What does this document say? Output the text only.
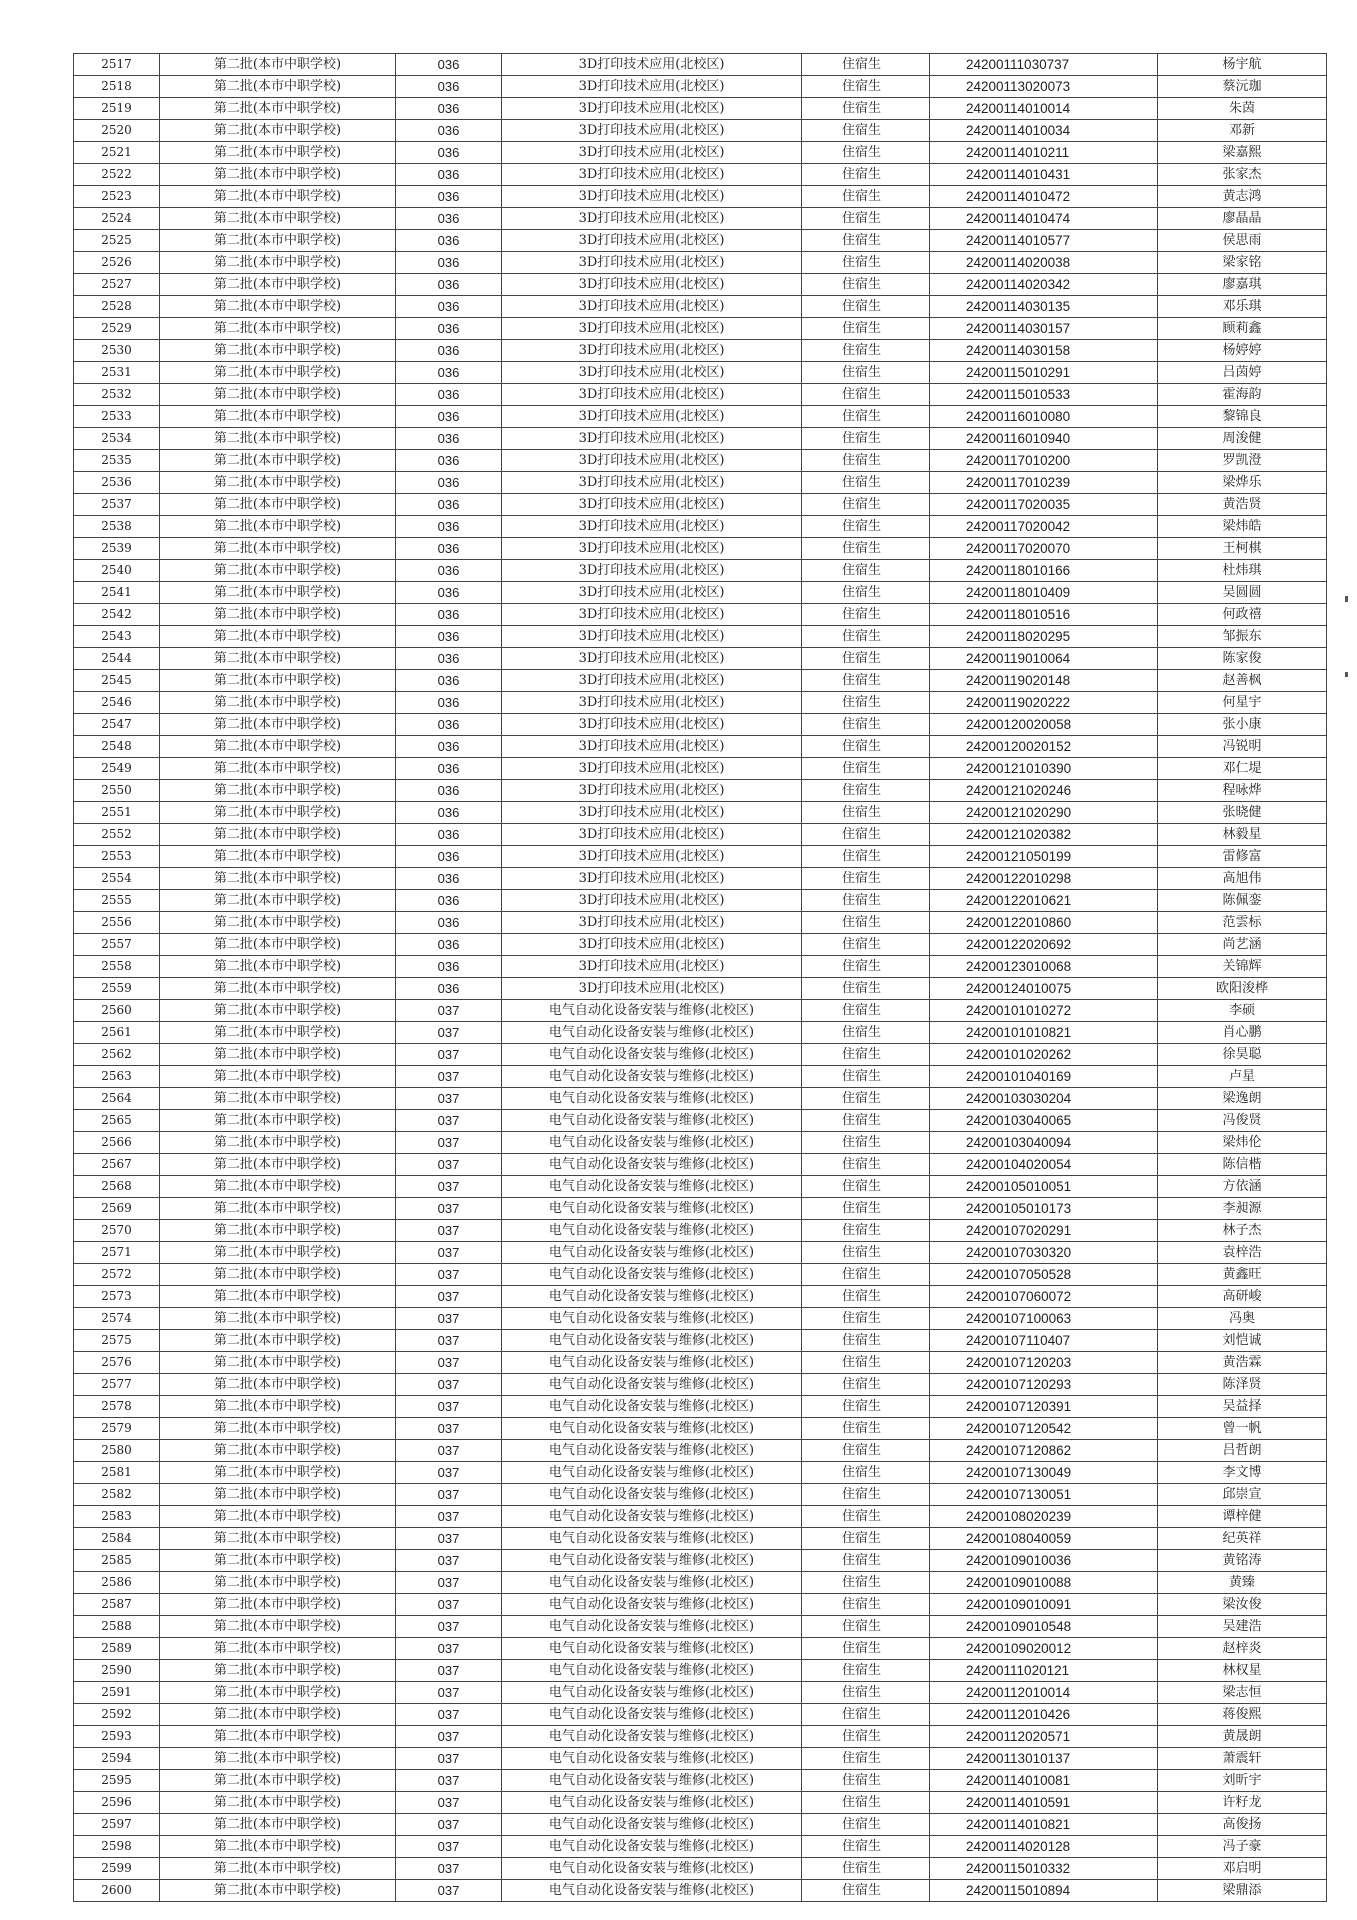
2517	第二批(本市中职学校)	036	3D打印技术应用(北校区)	住宿生	24200111030737	杨宇航
2518	第二批(本市中职学校)	036	3D打印技术应用(北校区)	住宿生	24200113020073	蔡沅珈
2519	第二批(本市中职学校)	036	3D打印技术应用(北校区)	住宿生	24200114010014	朱茵
2520	第二批(本市中职学校)	036	3D打印技术应用(北校区)	住宿生	24200114010034	邓新
2521	第二批(本市中职学校)	036	3D打印技术应用(北校区)	住宿生	24200114010211	梁嘉熙
2522	第二批(本市中职学校)	036	3D打印技术应用(北校区)	住宿生	24200114010431	张家杰
2523	第二批(本市中职学校)	036	3D打印技术应用(北校区)	住宿生	24200114010472	黄志鸿
2524	第二批(本市中职学校)	036	3D打印技术应用(北校区)	住宿生	24200114010474	廖晶晶
2525	第二批(本市中职学校)	036	3D打印技术应用(北校区)	住宿生	24200114010577	侯思雨
2526	第二批(本市中职学校)	036	3D打印技术应用(北校区)	住宿生	24200114020038	梁家铭
2527	第二批(本市中职学校)	036	3D打印技术应用(北校区)	住宿生	24200114020342	廖嘉琪
2528	第二批(本市中职学校)	036	3D打印技术应用(北校区)	住宿生	24200114030135	邓乐琪
2529	第二批(本市中职学校)	036	3D打印技术应用(北校区)	住宿生	24200114030157	顾莉鑫
2530	第二批(本市中职学校)	036	3D打印技术应用(北校区)	住宿生	24200114030158	杨婷婷
2531	第二批(本市中职学校)	036	3D打印技术应用(北校区)	住宿生	24200115010291	吕茵婷
2532	第二批(本市中职学校)	036	3D打印技术应用(北校区)	住宿生	24200115010533	霍海韵
2533	第二批(本市中职学校)	036	3D打印技术应用(北校区)	住宿生	24200116010080	黎锦良
2534	第二批(本市中职学校)	036	3D打印技术应用(北校区)	住宿生	24200116010940	周浚健
2535	第二批(本市中职学校)	036	3D打印技术应用(北校区)	住宿生	24200117010200	罗凯澄
2536	第二批(本市中职学校)	036	3D打印技术应用(北校区)	住宿生	24200117010239	梁烨乐
2537	第二批(本市中职学校)	036	3D打印技术应用(北校区)	住宿生	24200117020035	黄浩贤
2538	第二批(本市中职学校)	036	3D打印技术应用(北校区)	住宿生	24200117020042	梁炜皓
2539	第二批(本市中职学校)	036	3D打印技术应用(北校区)	住宿生	24200117020070	王柯棋
2540	第二批(本市中职学校)	036	3D打印技术应用(北校区)	住宿生	24200118010166	杜炜琪
2541	第二批(本市中职学校)	036	3D打印技术应用(北校区)	住宿生	24200118010409	吴圆圆
2542	第二批(本市中职学校)	036	3D打印技术应用(北校区)	住宿生	24200118010516	何政禧
2543	第二批(本市中职学校)	036	3D打印技术应用(北校区)	住宿生	24200118020295	邹振东
2544	第二批(本市中职学校)	036	3D打印技术应用(北校区)	住宿生	24200119010064	陈家俊
2545	第二批(本市中职学校)	036	3D打印技术应用(北校区)	住宿生	24200119020148	赵善枫
2546	第二批(本市中职学校)	036	3D打印技术应用(北校区)	住宿生	24200119020222	何星宇
2547	第二批(本市中职学校)	036	3D打印技术应用(北校区)	住宿生	24200120020058	张小康
2548	第二批(本市中职学校)	036	3D打印技术应用(北校区)	住宿生	24200120020152	冯锐明
2549	第二批(本市中职学校)	036	3D打印技术应用(北校区)	住宿生	24200121010390	邓仁堤
2550	第二批(本市中职学校)	036	3D打印技术应用(北校区)	住宿生	24200121020246	程咏烨
2551	第二批(本市中职学校)	036	3D打印技术应用(北校区)	住宿生	24200121020290	张晓健
2552	第二批(本市中职学校)	036	3D打印技术应用(北校区)	住宿生	24200121020382	林毅星
2553	第二批(本市中职学校)	036	3D打印技术应用(北校区)	住宿生	24200121050199	雷修富
2554	第二批(本市中职学校)	036	3D打印技术应用(北校区)	住宿生	24200122010298	高旭伟
2555	第二批(本市中职学校)	036	3D打印技术应用(北校区)	住宿生	24200122010621	陈佩銮
2556	第二批(本市中职学校)	036	3D打印技术应用(北校区)	住宿生	24200122010860	范雲标
2557	第二批(本市中职学校)	036	3D打印技术应用(北校区)	住宿生	24200122020692	尚艺涵
2558	第二批(本市中职学校)	036	3D打印技术应用(北校区)	住宿生	24200123010068	关锦辉
2559	第二批(本市中职学校)	036	3D打印技术应用(北校区)	住宿生	24200124010075	欧阳浚桦
2560	第二批(本市中职学校)	037	电气自动化设备安装与维修(北校区)	住宿生	24200101010272	李硕
2561	第二批(本市中职学校)	037	电气自动化设备安装与维修(北校区)	住宿生	24200101010821	肖心鹏
2562	第二批(本市中职学校)	037	电气自动化设备安装与维修(北校区)	住宿生	24200101020262	徐昊聪
2563	第二批(本市中职学校)	037	电气自动化设备安装与维修(北校区)	住宿生	24200101040169	卢星
2564	第二批(本市中职学校)	037	电气自动化设备安装与维修(北校区)	住宿生	24200103030204	梁逸朗
2565	第二批(本市中职学校)	037	电气自动化设备安装与维修(北校区)	住宿生	24200103040065	冯俊贤
2566	第二批(本市中职学校)	037	电气自动化设备安装与维修(北校区)	住宿生	24200103040094	梁炜伦
2567	第二批(本市中职学校)	037	电气自动化设备安装与维修(北校区)	住宿生	24200104020054	陈信楷
2568	第二批(本市中职学校)	037	电气自动化设备安装与维修(北校区)	住宿生	24200105010051	方依涵
2569	第二批(本市中职学校)	037	电气自动化设备安装与维修(北校区)	住宿生	24200105010173	李昶源
2570	第二批(本市中职学校)	037	电气自动化设备安装与维修(北校区)	住宿生	24200107020291	林子杰
2571	第二批(本市中职学校)	037	电气自动化设备安装与维修(北校区)	住宿生	24200107030320	袁梓浩
2572	第二批(本市中职学校)	037	电气自动化设备安装与维修(北校区)	住宿生	24200107050528	黄鑫旺
2573	第二批(本市中职学校)	037	电气自动化设备安装与维修(北校区)	住宿生	24200107060072	高研峻
2574	第二批(本市中职学校)	037	电气自动化设备安装与维修(北校区)	住宿生	24200107100063	冯奥
2575	第二批(本市中职学校)	037	电气自动化设备安装与维修(北校区)	住宿生	24200107110407	刘恺诚
2576	第二批(本市中职学校)	037	电气自动化设备安装与维修(北校区)	住宿生	24200107120203	黄浩霖
2577	第二批(本市中职学校)	037	电气自动化设备安装与维修(北校区)	住宿生	24200107120293	陈泽贤
2578	第二批(本市中职学校)	037	电气自动化设备安装与维修(北校区)	住宿生	24200107120391	吴益择
2579	第二批(本市中职学校)	037	电气自动化设备安装与维修(北校区)	住宿生	24200107120542	曾一帆
2580	第二批(本市中职学校)	037	电气自动化设备安装与维修(北校区)	住宿生	24200107120862	吕哲朗
2581	第二批(本市中职学校)	037	电气自动化设备安装与维修(北校区)	住宿生	24200107130049	李文博
2582	第二批(本市中职学校)	037	电气自动化设备安装与维修(北校区)	住宿生	24200107130051	邱崇宣
2583	第二批(本市中职学校)	037	电气自动化设备安装与维修(北校区)	住宿生	24200108020239	谭梓健
2584	第二批(本市中职学校)	037	电气自动化设备安装与维修(北校区)	住宿生	24200108040059	纪英祥
2585	第二批(本市中职学校)	037	电气自动化设备安装与维修(北校区)	住宿生	24200109010036	黄铭涛
2586	第二批(本市中职学校)	037	电气自动化设备安装与维修(北校区)	住宿生	24200109010088	黄臻
2587	第二批(本市中职学校)	037	电气自动化设备安装与维修(北校区)	住宿生	24200109010091	梁汝俊
2588	第二批(本市中职学校)	037	电气自动化设备安装与维修(北校区)	住宿生	24200109010548	吴建浩
2589	第二批(本市中职学校)	037	电气自动化设备安装与维修(北校区)	住宿生	24200109020012	赵梓炎
2590	第二批(本市中职学校)	037	电气自动化设备安装与维修(北校区)	住宿生	24200111020121	林权星
2591	第二批(本市中职学校)	037	电气自动化设备安装与维修(北校区)	住宿生	24200112010014	梁志恒
2592	第二批(本市中职学校)	037	电气自动化设备安装与维修(北校区)	住宿生	24200112010426	蒋俊熙
2593	第二批(本市中职学校)	037	电气自动化设备安装与维修(北校区)	住宿生	24200112020571	黄晟朗
2594	第二批(本市中职学校)	037	电气自动化设备安装与维修(北校区)	住宿生	24200113010137	萧震轩
2595	第二批(本市中职学校)	037	电气自动化设备安装与维修(北校区)	住宿生	24200114010081	刘昕宇
2596	第二批(本市中职学校)	037	电气自动化设备安装与维修(北校区)	住宿生	24200114010591	许籽龙
2597	第二批(本市中职学校)	037	电气自动化设备安装与维修(北校区)	住宿生	24200114010821	高俊扬
2598	第二批(本市中职学校)	037	电气自动化设备安装与维修(北校区)	住宿生	24200114020128	冯子豪
2599	第二批(本市中职学校)	037	电气自动化设备安装与维修(北校区)	住宿生	24200115010332	邓启明
2600	第二批(本市中职学校)	037	电气自动化设备安装与维修(北校区)	住宿生	24200115010894	梁鼎添
